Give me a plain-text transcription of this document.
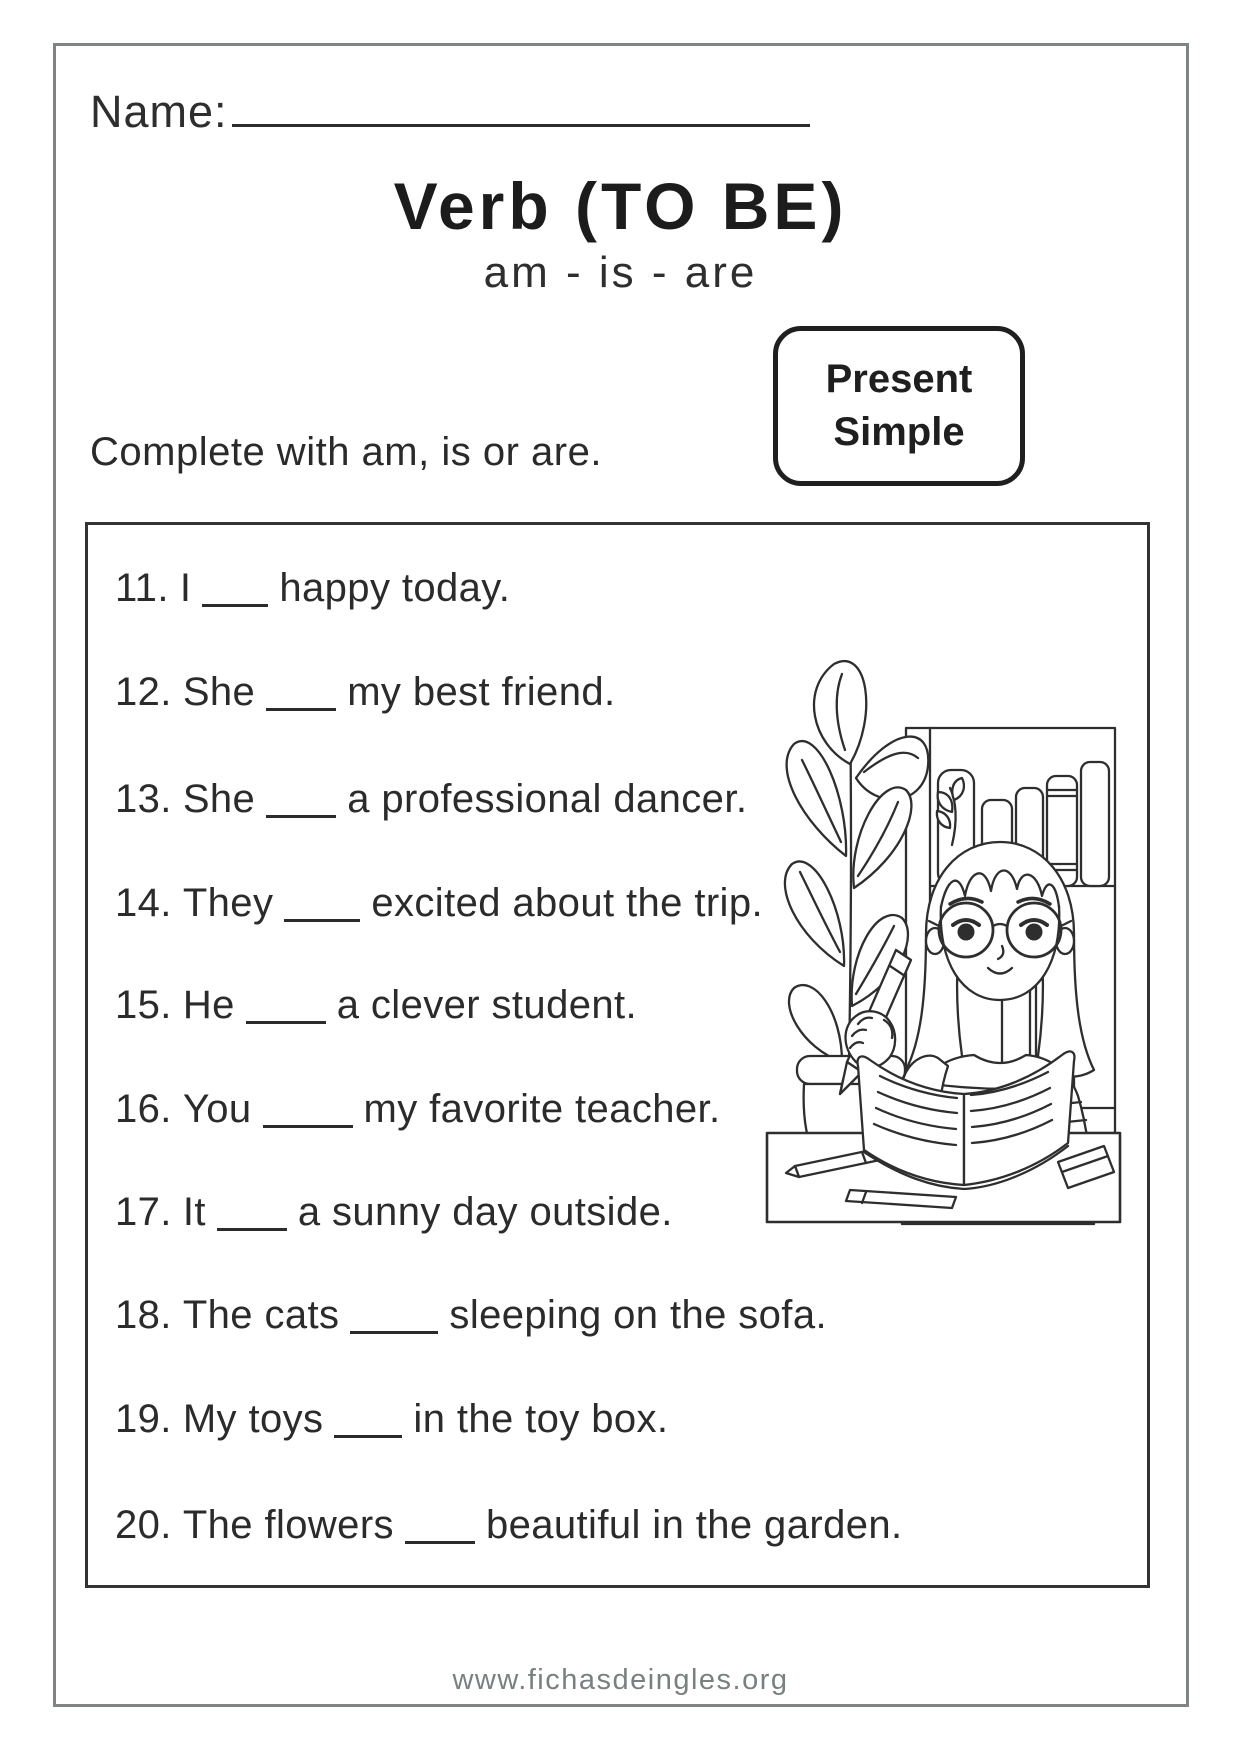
Name:
Verb (TO BE)
am - is - are
Present
Simple
Complete with am, is or are.
11. I happy today.
12. She my best friend.
13. She a professional dancer.
14. They excited about the trip.
15. He	a clever student.
16. You	my favorite teacher.
17. It a sunny day outside.
18. The cats	sleeping on the sofa.
19. My toys in the toy box.
20. The flowers beautiful in the garden.
www.fichasdeingles.org
